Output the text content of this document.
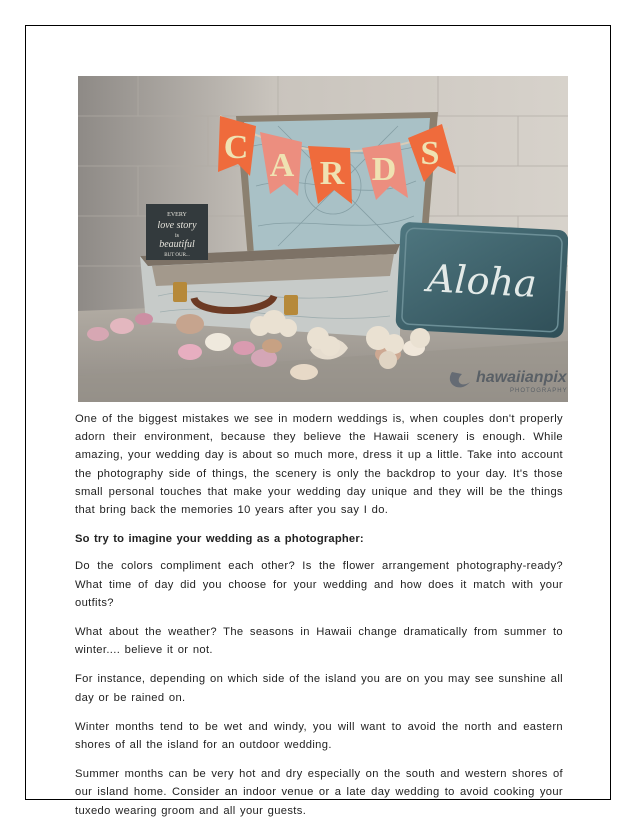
C A R D S
EVERY
love story
is
beautiful
BUT OUR...
Aloha
hawaiianpix
PHOTOGRAPHY

One of the biggest mistakes we see in modern weddings is, when couples don't properly adorn their environment, because they believe the Hawaii scenery is enough. While amazing, your wedding day is about so much more, dress it up a little. Take into account the photography side of things, the scenery is only the backdrop to your day. It's those small personal touches that make your wedding day unique and they will be the things that bring back the memories 10 years after you say I do.

So try to imagine your wedding as a photographer:

Do the colors compliment each other? Is the flower arrangement photography-ready? What time of day did you choose for your wedding and how does it match with your outfits?

What about the weather? The seasons in Hawaii change dramatically from summer to winter.... believe it or not.

For instance, depending on which side of the island you are on you may see sunshine all day or be rained on.

Winter months tend to be wet and windy, you will want to avoid the north and eastern shores of all the island for an outdoor wedding.

Summer months can be very hot and dry especially on the south and western shores of our island home. Consider an indoor venue or a late day wedding to avoid cooking your tuxedo wearing groom and all your guests.
